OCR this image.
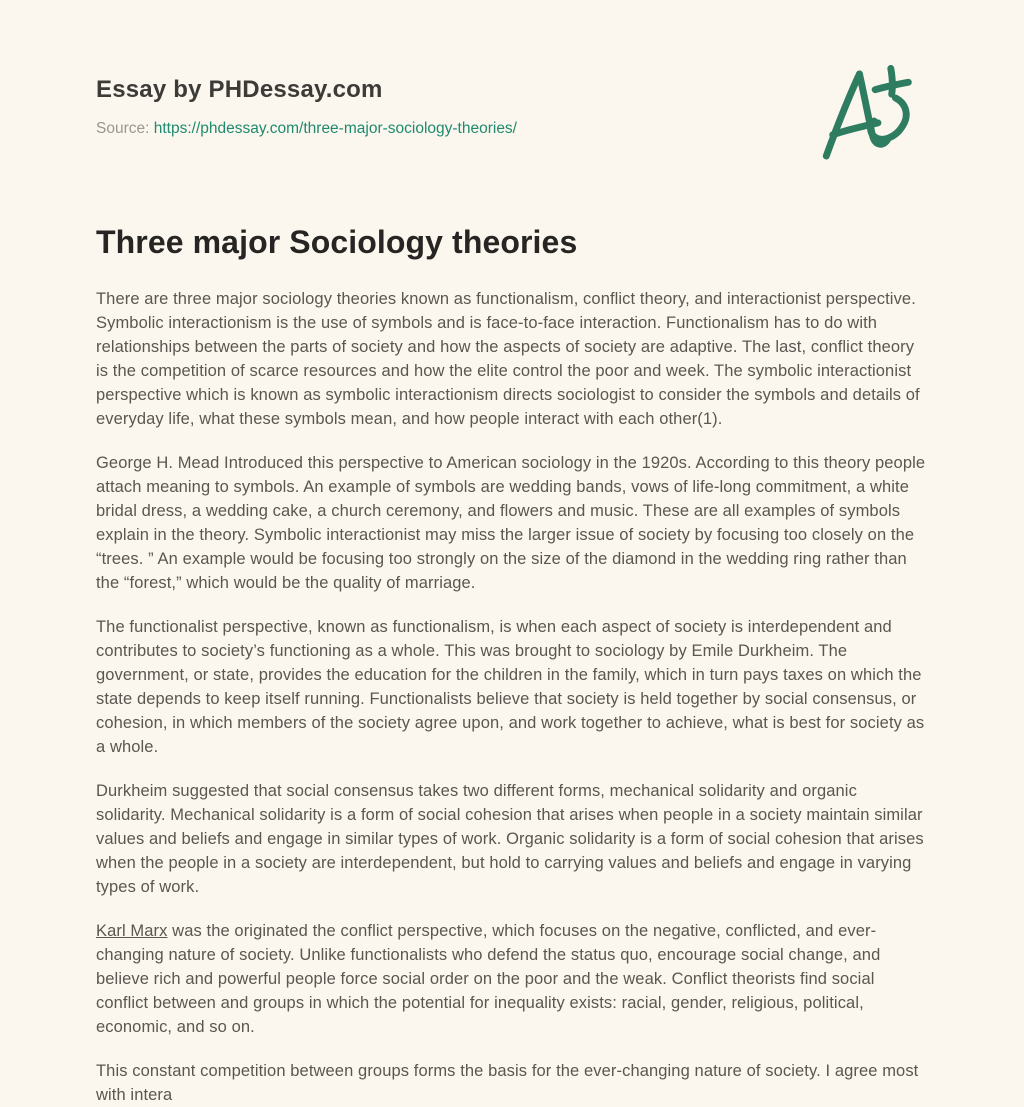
Essay by PHDessay.com

Source: https://phdessay.com/three-major-sociology-theories/

Three major Sociology theories

There are three major sociology theories known as functionalism, conflict theory, and interactionist perspective. Symbolic interactionism is the use of symbols and is face-to-face interaction. Functionalism has to do with relationships between the parts of society and how the aspects of society are adaptive. The last, conflict theory is the competition of scarce resources and how the elite control the poor and week. The symbolic interactionist perspective which is known as symbolic interactionism directs sociologist to consider the symbols and details of everyday life, what these symbols mean, and how people interact with each other(1).

George H. Mead Introduced this perspective to American sociology in the 1920s. According to this theory people attach meaning to symbols. An example of symbols are wedding bands, vows of life-long commitment, a white bridal dress, a wedding cake, a church ceremony, and flowers and music. These are all examples of symbols explain in the theory. Symbolic interactionist may miss the larger issue of society by focusing too closely on the “trees. ” An example would be focusing too strongly on the size of the diamond in the wedding ring rather than the “forest,” which would be the quality of marriage.

The functionalist perspective, known as functionalism, is when each aspect of society is interdependent and contributes to society’s functioning as a whole. This was brought to sociology by Emile Durkheim. The government, or state, provides the education for the children in the family, which in turn pays taxes on which the state depends to keep itself running. Functionalists believe that society is held together by social consensus, or cohesion, in which members of the society agree upon, and work together to achieve, what is best for society as a whole.

Durkheim suggested that social consensus takes two different forms, mechanical solidarity and organic solidarity. Mechanical solidarity is a form of social cohesion that arises when people in a society maintain similar values and beliefs and engage in similar types of work. Organic solidarity is a form of social cohesion that arises when the people in a society are interdependent, but hold to carrying values and beliefs and engage in varying types of work.

Karl Marx was the originated the conflict perspective, which focuses on the negative, conflicted, and ever-changing nature of society. Unlike functionalists who defend the status quo, encourage social change, and believe rich and powerful people force social order on the poor and the weak. Conflict theorists find social conflict between and groups in which the potential for inequality exists: racial, gender, religious, political, economic, and so on.

This constant competition between groups forms the basis for the ever-changing nature of society. I agree most with intera
